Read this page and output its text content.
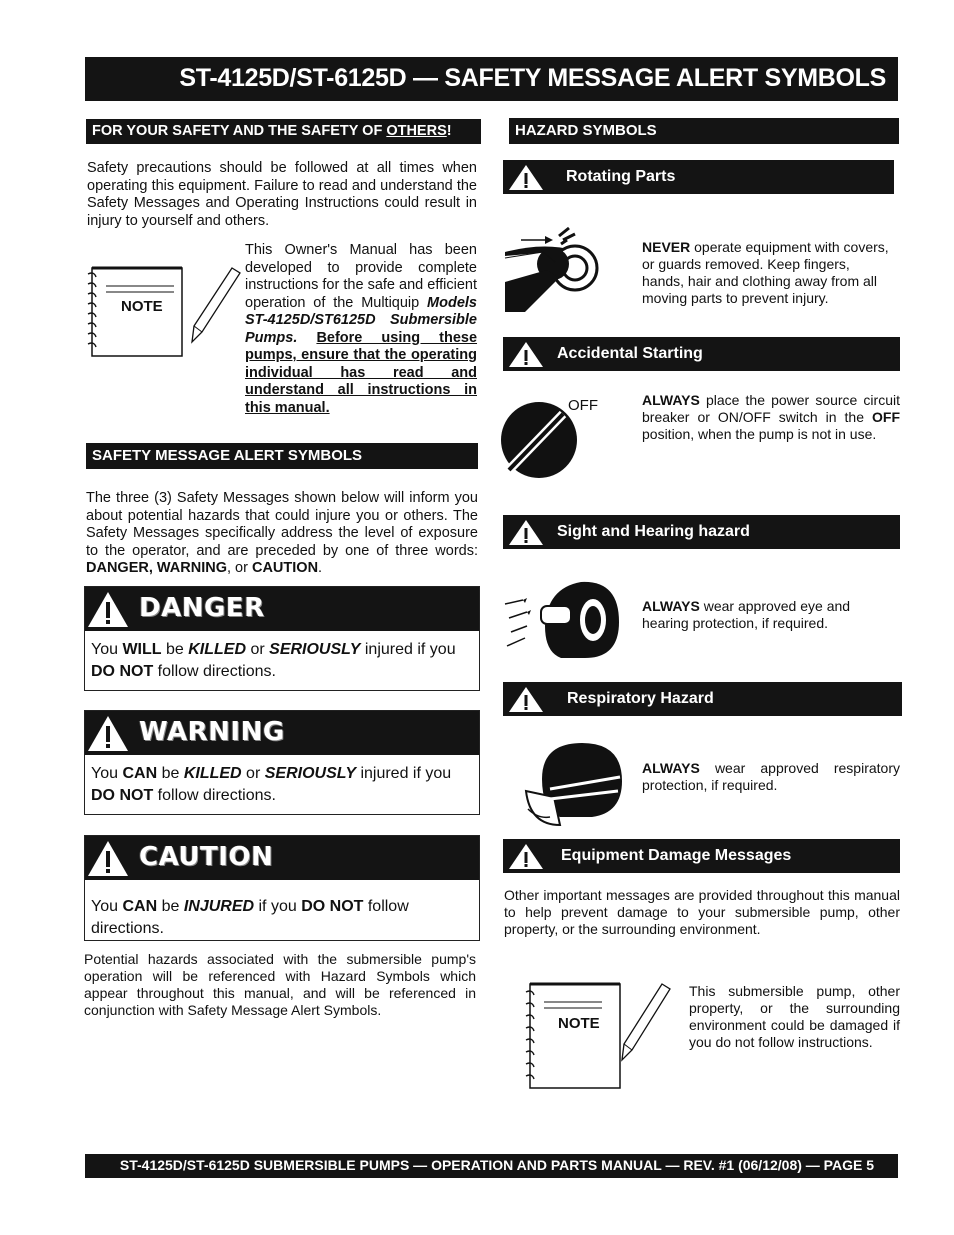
ST-4125D/ST-6125D — SAFETY MESSAGE ALERT SYMBOLS
FOR YOUR SAFETY AND THE SAFETY OF OTHERS!
Safety precautions should be followed at all times when operating this equipment. Failure to read and understand the Safety Messages and Operating Instructions could result in injury to yourself and others.
NOTE
This Owner's Manual has been developed to provide complete instructions for the safe and efficient operation of the Multiquip Models ST-4125D/ST6125D Submersible Pumps. Before using these pumps, ensure that the operating individual has read and understand all instructions in this manual.
SAFETY MESSAGE ALERT SYMBOLS
The three (3) Safety Messages shown below will inform you about potential hazards that could injure you or others. The Safety Messages specifically address the level of exposure to the operator, and are preceded by one of three words: DANGER, WARNING, or CAUTION.
DANGER
You WILL be KILLED or SERIOUSLY injured if you DO NOT follow directions.
WARNING
You CAN be KILLED or SERIOUSLY injured if you DO NOT follow directions.
CAUTION
You CAN be INJURED if you DO NOT follow directions.
Potential hazards associated with the submersible pump's operation will be referenced with Hazard Symbols which appear throughout this manual, and will be referenced in conjunction with Safety Message Alert Symbols.
HAZARD SYMBOLS
Rotating Parts
NEVER operate equipment with covers, or guards removed. Keep fingers, hands, hair and clothing away from all moving parts to prevent injury.
Accidental Starting
OFF	ALWAYS place the power source circuit breaker or ON/OFF switch in the OFF position, when the pump is not in use.
Sight and Hearing hazard
ALWAYS wear approved eye and hearing protection, if required.
Respiratory Hazard
ALWAYS wear approved respiratory protection, if required.
Equipment Damage Messages
Other important messages are provided throughout this manual to help prevent damage to your submersible pump, other property, or the surrounding environment.
NOTE
This submersible pump, other property, or the surrounding environment could be damaged if you do not follow instructions.
ST-4125D/ST-6125D SUBMERSIBLE PUMPS — OPERATION AND PARTS MANUAL — REV. #1 (06/12/08) — PAGE 5
